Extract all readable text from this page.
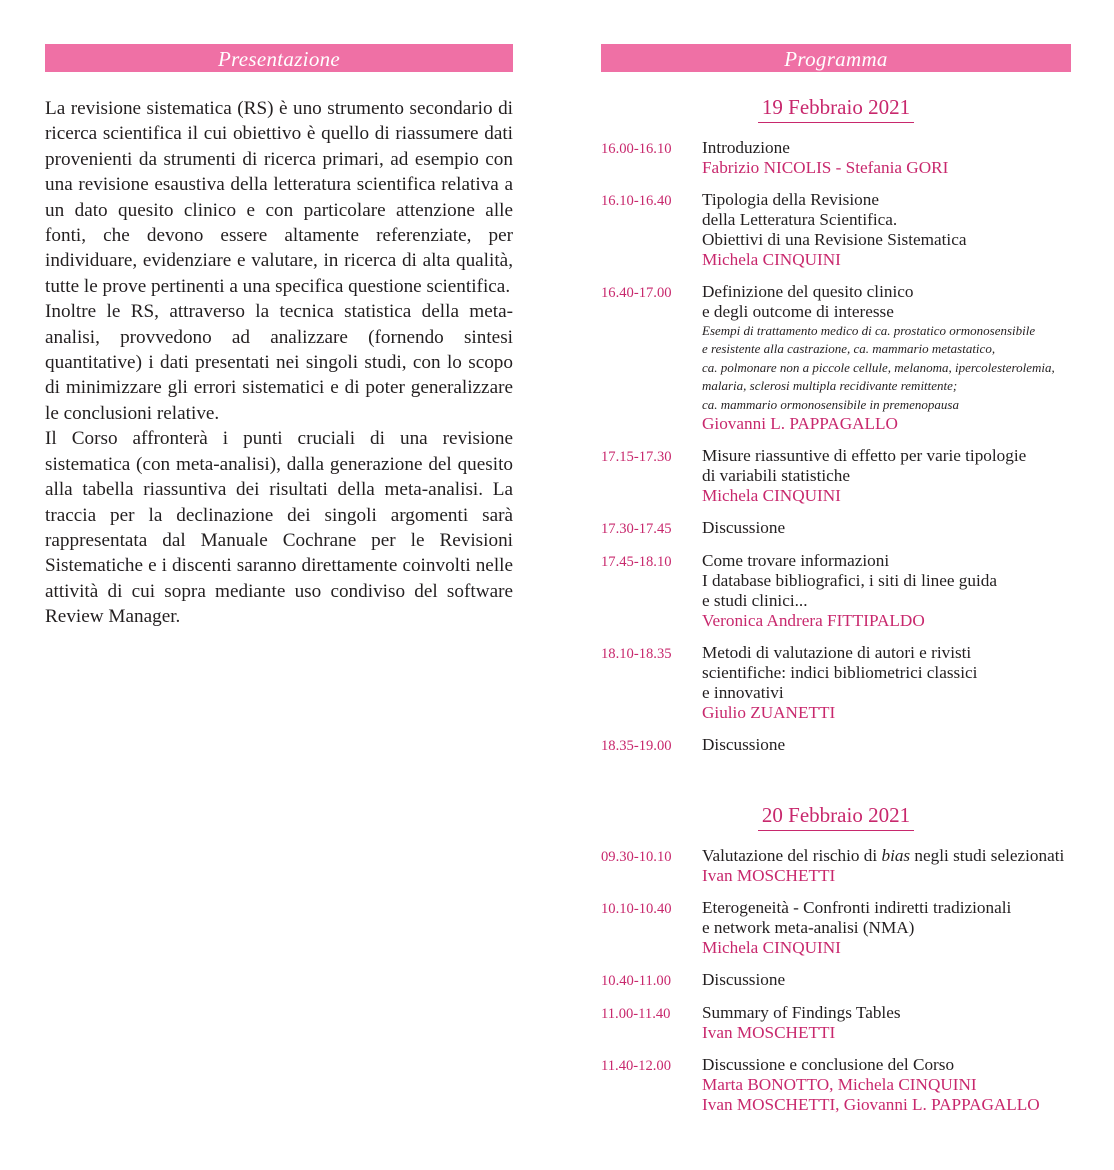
Presentazione

La revisione sistematica (RS) è uno strumento secondario di ricerca scientifica il cui obiettivo è quello di riassumere dati provenienti da strumenti di ricerca primari, ad esempio con una revisione esaustiva della letteratura scientifica relativa a un dato quesito clinico e con particolare attenzione alle fonti, che devono essere altamente referenziate, per individuare, evidenziare e valutare, in ricerca di alta qualità, tutte le prove pertinenti a una specifica questione scientifica.

Inoltre le RS, attraverso la tecnica statistica della meta-analisi, provvedono ad analizzare (fornendo sintesi quantitative) i dati presentati nei singoli studi, con lo scopo di minimizzare gli errori sistematici e di poter generalizzare le conclusioni relative.

Il Corso affronterà i punti cruciali di una revisione sistematica (con meta-analisi), dalla generazione del quesito alla tabella riassuntiva dei risultati della meta-analisi. La traccia per la declinazione dei singoli argomenti sarà rappresentata dal Manuale Cochrane per le Revisioni Sistematiche e i discenti saranno direttamente coinvolti nelle attività di cui sopra mediante uso condiviso del software Review Manager.

Programma
19 Febbraio 2021
16.00-16.10	Introduzione
Fabrizio NICOLIS - Stefania GORI
16.10-16.40	Tipologia della Revisione
della Letteratura Scientifica.
Obiettivi di una Revisione Sistematica
Michela CINQUINI
16.40-17.00	Definizione del quesito clinico
e degli outcome di interesse
Esempi di trattamento medico di ca. prostatico ormonosensibile
e resistente alla castrazione, ca. mammario metastatico,
ca. polmonare non a piccole cellule, melanoma, ipercolesterolemia,
malaria, sclerosi multipla recidivante remittente;
ca. mammario ormonosensibile in premenopausa
Giovanni L. PAPPAGALLO
17.15-17.30	Misure riassuntive di effetto per varie tipologie
di variabili statistiche
Michela CINQUINI
17.30-17.45	Discussione
17.45-18.10	Come trovare informazioni
I database bibliografici, i siti di linee guida
e studi clinici...
Veronica Andrera FITTIPALDO
18.10-18.35	Metodi di valutazione di autori e rivisti
scientifiche: indici bibliometrici classici
e innovativi
Giulio ZUANETTI
18.35-19.00	Discussione
20 Febbraio 2021
09.30-10.10	Valutazione del rischio di bias negli studi selezionati
Ivan MOSCHETTI
10.10-10.40	Eterogeneità - Confronti indiretti tradizionali
e network meta-analisi (NMA)
Michela CINQUINI
10.40-11.00	Discussione
11.00-11.40	Summary of Findings Tables
Ivan MOSCHETTI
11.40-12.00	Discussione e conclusione del Corso
Marta BONOTTO, Michela CINQUINI
Ivan MOSCHETTI, Giovanni L. PAPPAGALLO
